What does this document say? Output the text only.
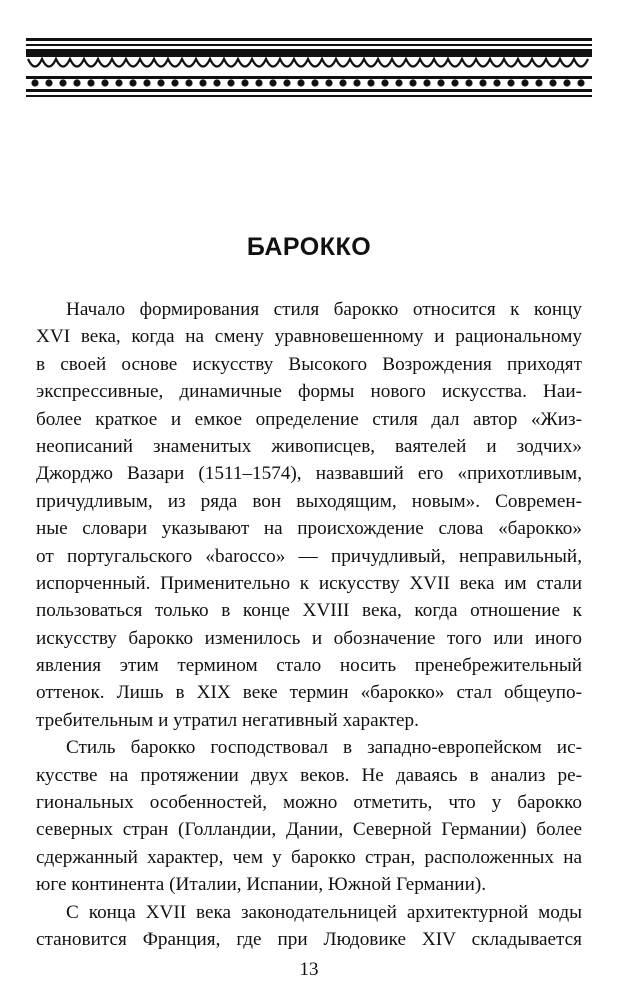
БАРОККО
Начало формирования стиля барокко относится к концу
XVI века, когда на смену уравновешенному и рациональному
в своей основе искусству Высокого Возрождения приходят
экспрессивные, динамичные формы нового искусства. Наи-
более краткое и емкое определение стиля дал автор «Жиз-
неописаний знаменитых живописцев, ваятелей и зодчих»
Джорджо Вазари (1511–1574), назвавший его «прихотливым,
причудливым, из ряда вон выходящим, новым». Современ-
ные словари указывают на происхождение слова «барокко»
от португальского «barocco» — причудливый, неправильный,
испорченный. Применительно к искусству XVII века им стали
пользоваться только в конце XVIII века, когда отношение к
искусству барокко изменилось и обозначение того или иного
явления этим термином стало носить пренебрежительный
оттенок. Лишь в XIX веке термин «барокко» стал общеупо-
требительным и утратил негативный характер.
Стиль барокко господствовал в западно-европейском ис-
кусстве на протяжении двух веков. Не даваясь в анализ ре-
гиональных особенностей, можно отметить, что у барокко
северных стран (Голландии, Дании, Северной Германии) более
сдержанный характер, чем у барокко стран, расположенных на
юге континента (Италии, Испании, Южной Германии).
С конца XVII века законодательницей архитектурной моды
становится Франция, где при Людовике XIV складывается
13
